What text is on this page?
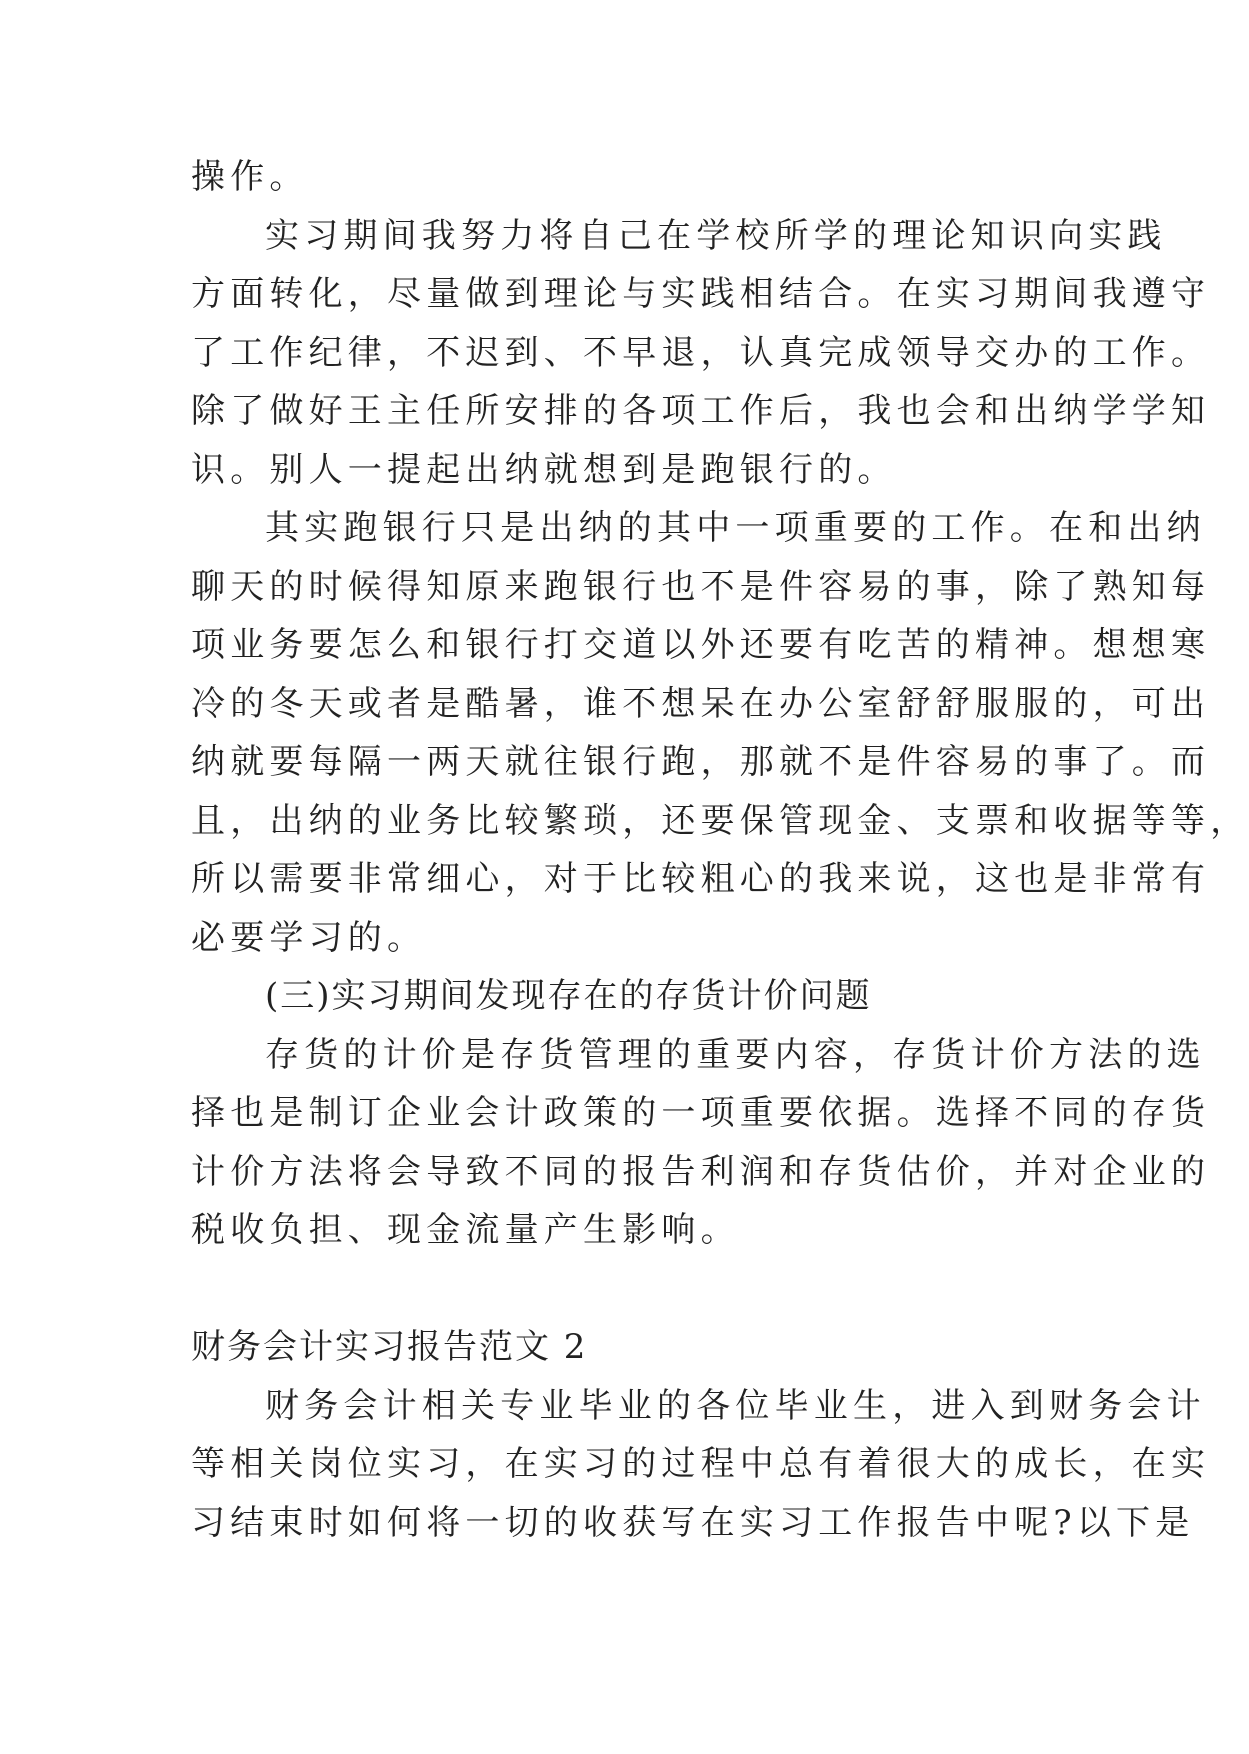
操作。
实习期间我努力将自己在学校所学的理论知识向实践
方面转化，尽量做到理论与实践相结合。在实习期间我遵守
了工作纪律，不迟到、不早退，认真完成领导交办的工作。
除了做好王主任所安排的各项工作后，我也会和出纳学学知
识。别人一提起出纳就想到是跑银行的。
其实跑银行只是出纳的其中一项重要的工作。在和出纳
聊天的时候得知原来跑银行也不是件容易的事，除了熟知每
项业务要怎么和银行打交道以外还要有吃苦的精神。想想寒
冷的冬天或者是酷暑，谁不想呆在办公室舒舒服服的，可出
纳就要每隔一两天就往银行跑，那就不是件容易的事了。而
且，出纳的业务比较繁琐，还要保管现金、支票和收据等等，
所以需要非常细心，对于比较粗心的我来说，这也是非常有
必要学习的。
(三)实习期间发现存在的存货计价问题
存货的计价是存货管理的重要内容，存货计价方法的选
择也是制订企业会计政策的一项重要依据。选择不同的存货
计价方法将会导致不同的报告利润和存货估价，并对企业的
税收负担、现金流量产生影响。
财务会计实习报告范文 2
财务会计相关专业毕业的各位毕业生，进入到财务会计
等相关岗位实习，在实习的过程中总有着很大的成长，在实
习结束时如何将一切的收获写在实习工作报告中呢?以下是
